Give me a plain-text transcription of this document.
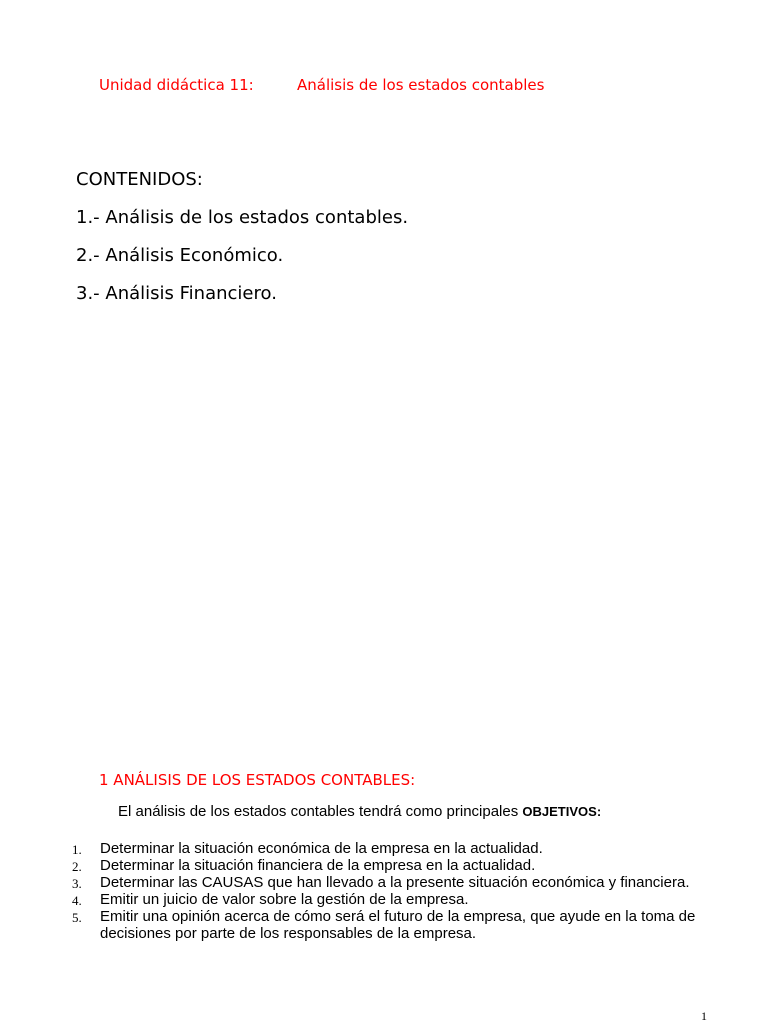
Unidad didáctica 11:	Análisis de los estados contables
CONTENIDOS:
1.- Análisis de los estados contables.
2.- Análisis Económico.
3.- Análisis Financiero.
1 ANÁLISIS DE LOS ESTADOS CONTABLES:
El análisis de los estados contables tendrá como principales OBJETIVOS:
1. Determinar la situación económica de la empresa en la actualidad.
2. Determinar la situación financiera de la empresa en la actualidad.
3. Determinar las CAUSAS que han llevado a la presente situación económica y financiera.
4. Emitir un juicio de valor sobre la gestión de la empresa.
5. Emitir una opinión acerca de cómo será el futuro de la empresa, que ayude en la toma de decisiones por parte de los responsables de la empresa.
1
